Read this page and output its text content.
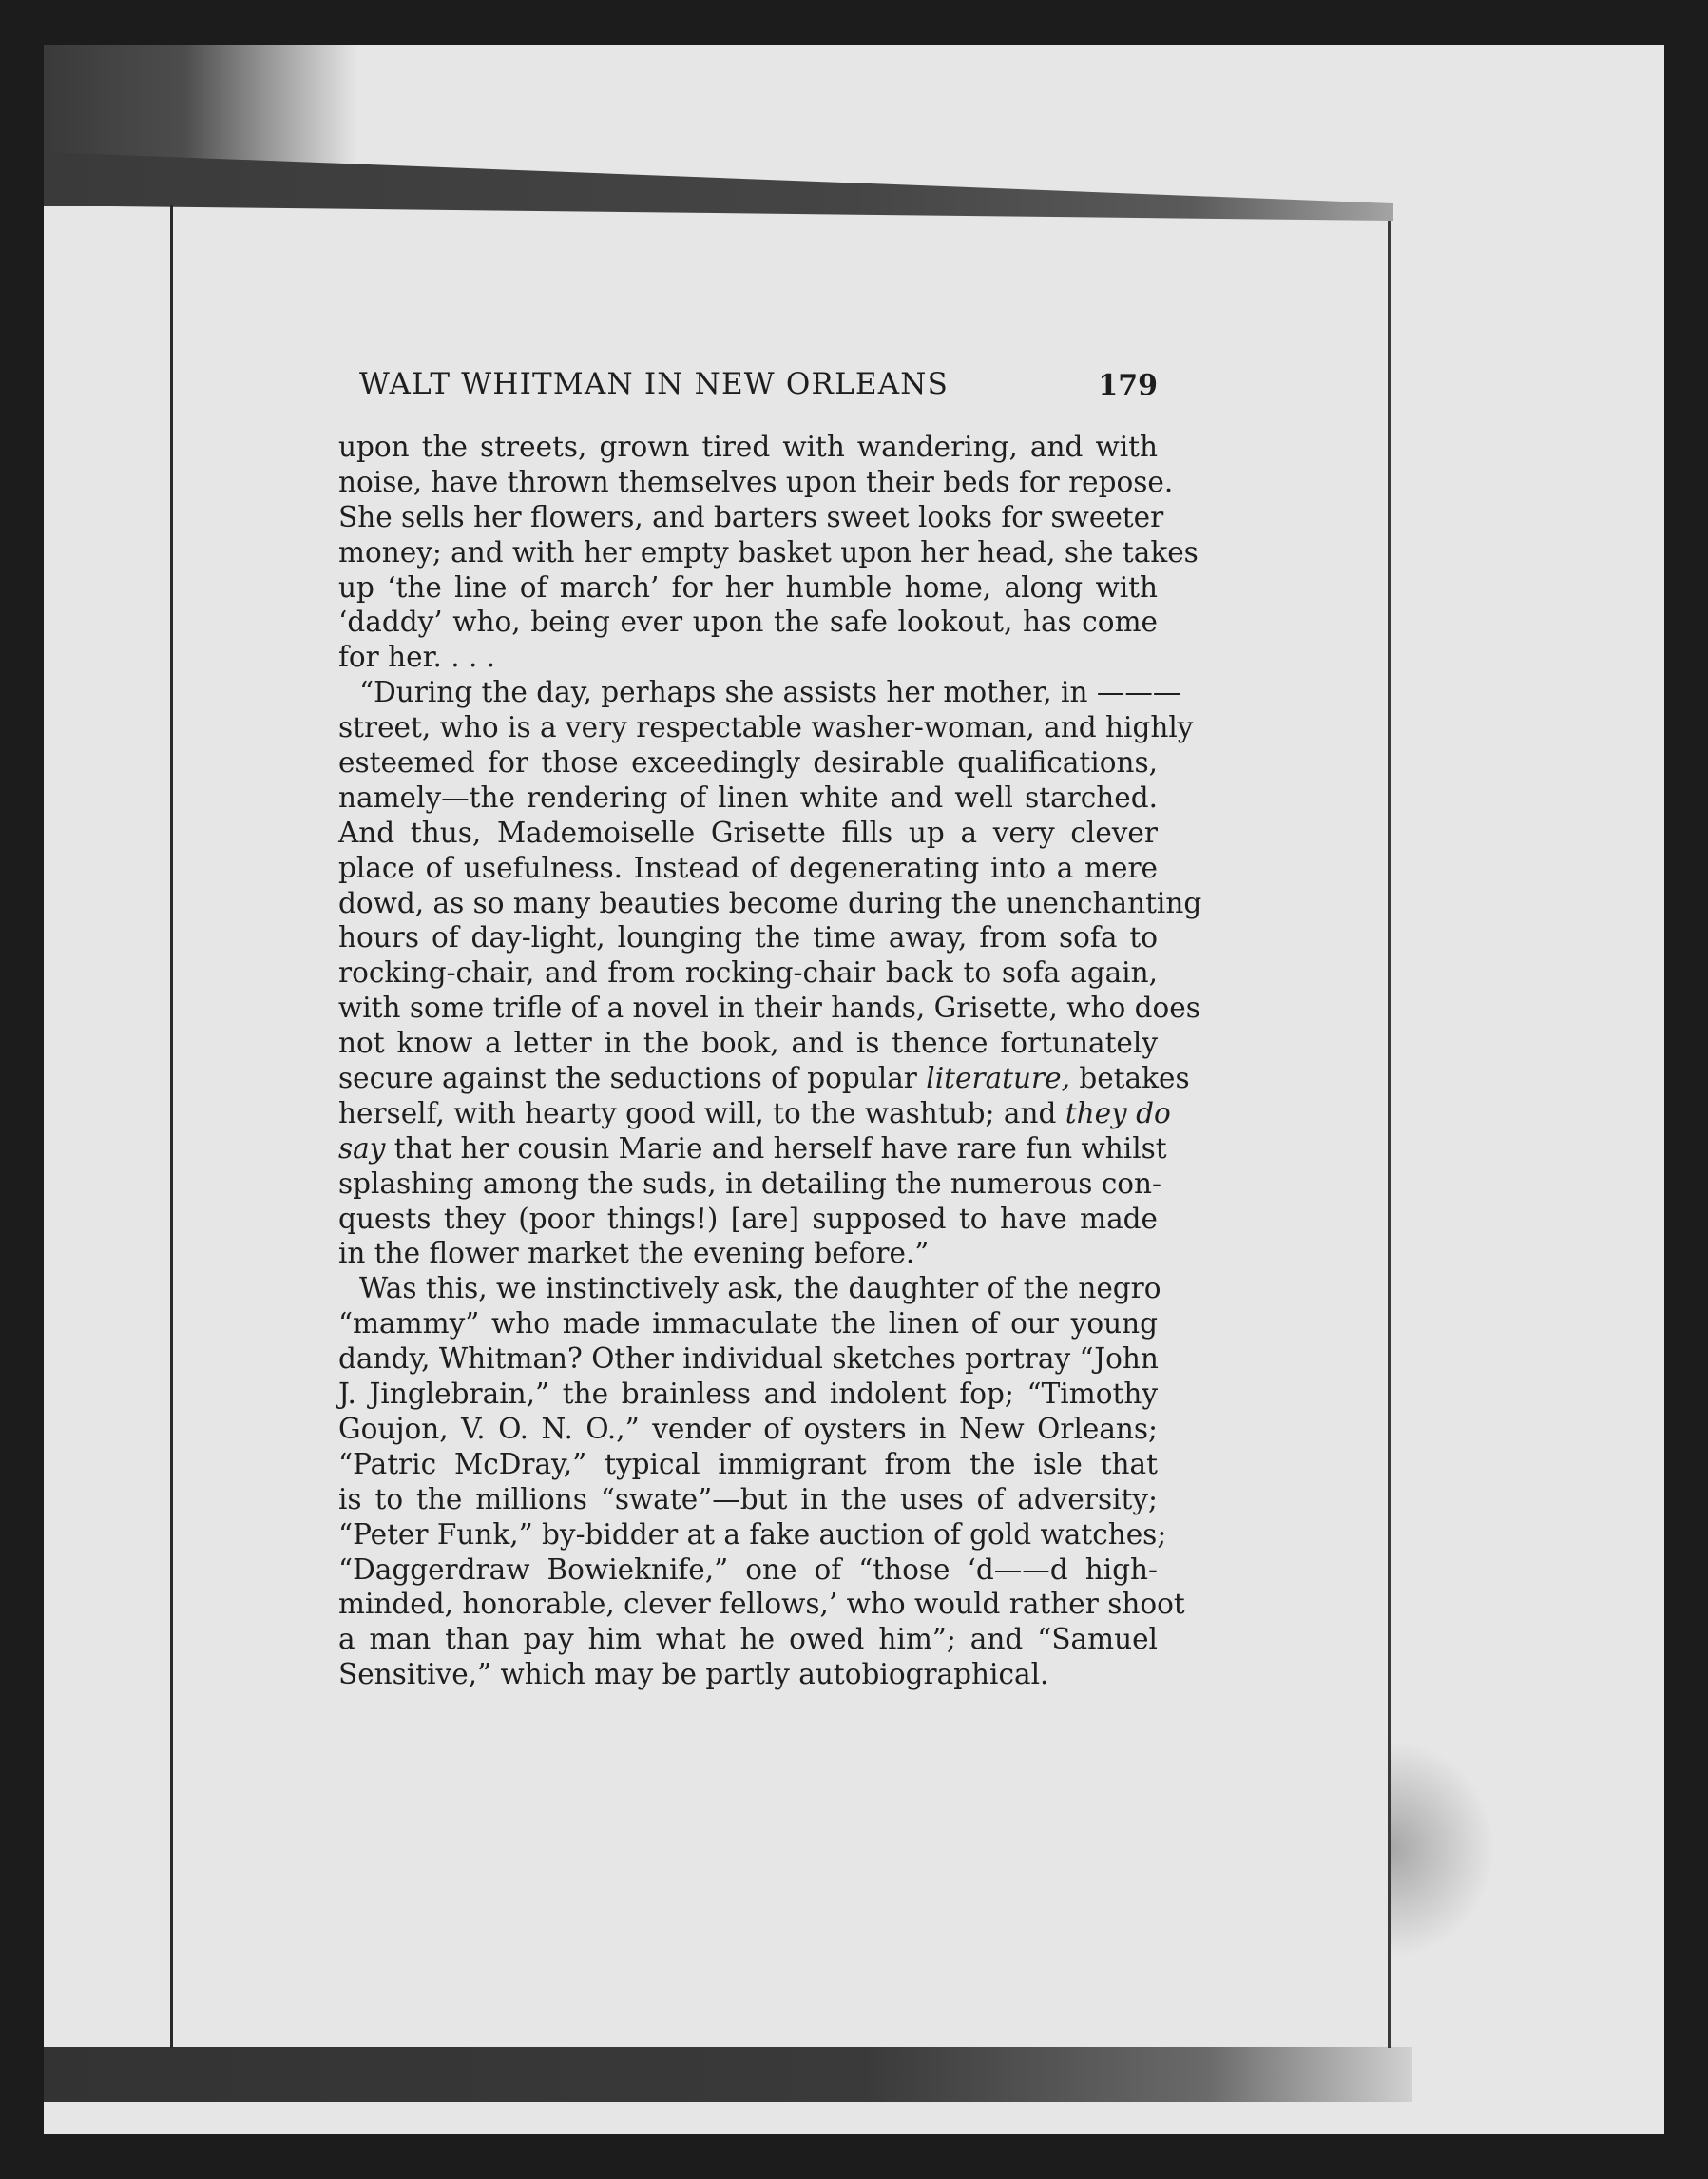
WALT WHITMAN IN NEW ORLEANS	179
upon the streets, grown tired with wandering, and with
noise, have thrown themselves upon their beds for repose.
She sells her flowers, and barters sweet looks for sweeter
money; and with her empty basket upon her head, she takes
up ‘the line of march’ for her humble home, along with
‘daddy’ who, being ever upon the safe lookout, has come
for her. . . .
“During the day, perhaps she assists her mother, in ———
street, who is a very respectable washer-woman, and highly
esteemed for those exceedingly desirable qualifications,
namely—the rendering of linen white and well starched.
And thus, Mademoiselle Grisette fills up a very clever
place of usefulness. Instead of degenerating into a mere
dowd, as so many beauties become during the unenchanting
hours of day-light, lounging the time away, from sofa to
rocking-chair, and from rocking-chair back to sofa again,
with some trifle of a novel in their hands, Grisette, who does
not know a letter in the book, and is thence fortunately
secure against the seductions of popular literature, betakes
herself, with hearty good will, to the washtub; and they do
say that her cousin Marie and herself have rare fun whilst
splashing among the suds, in detailing the numerous con-
quests they (poor things!) [are] supposed to have made
in the flower market the evening before.”
Was this, we instinctively ask, the daughter of the negro
“mammy” who made immaculate the linen of our young
dandy, Whitman? Other individual sketches portray “John
J. Jinglebrain,” the brainless and indolent fop; “Timothy
Goujon, V. O. N. O.,” vender of oysters in New Orleans;
“Patric McDray,” typical immigrant from the isle that
is to the millions “swate”—but in the uses of adversity;
“Peter Funk,” by-bidder at a fake auction of gold watches;
“Daggerdraw Bowieknife,” one of “those ‘d——d high-
minded, honorable, clever fellows,’ who would rather shoot
a man than pay him what he owed him”; and “Samuel
Sensitive,” which may be partly autobiographical.
